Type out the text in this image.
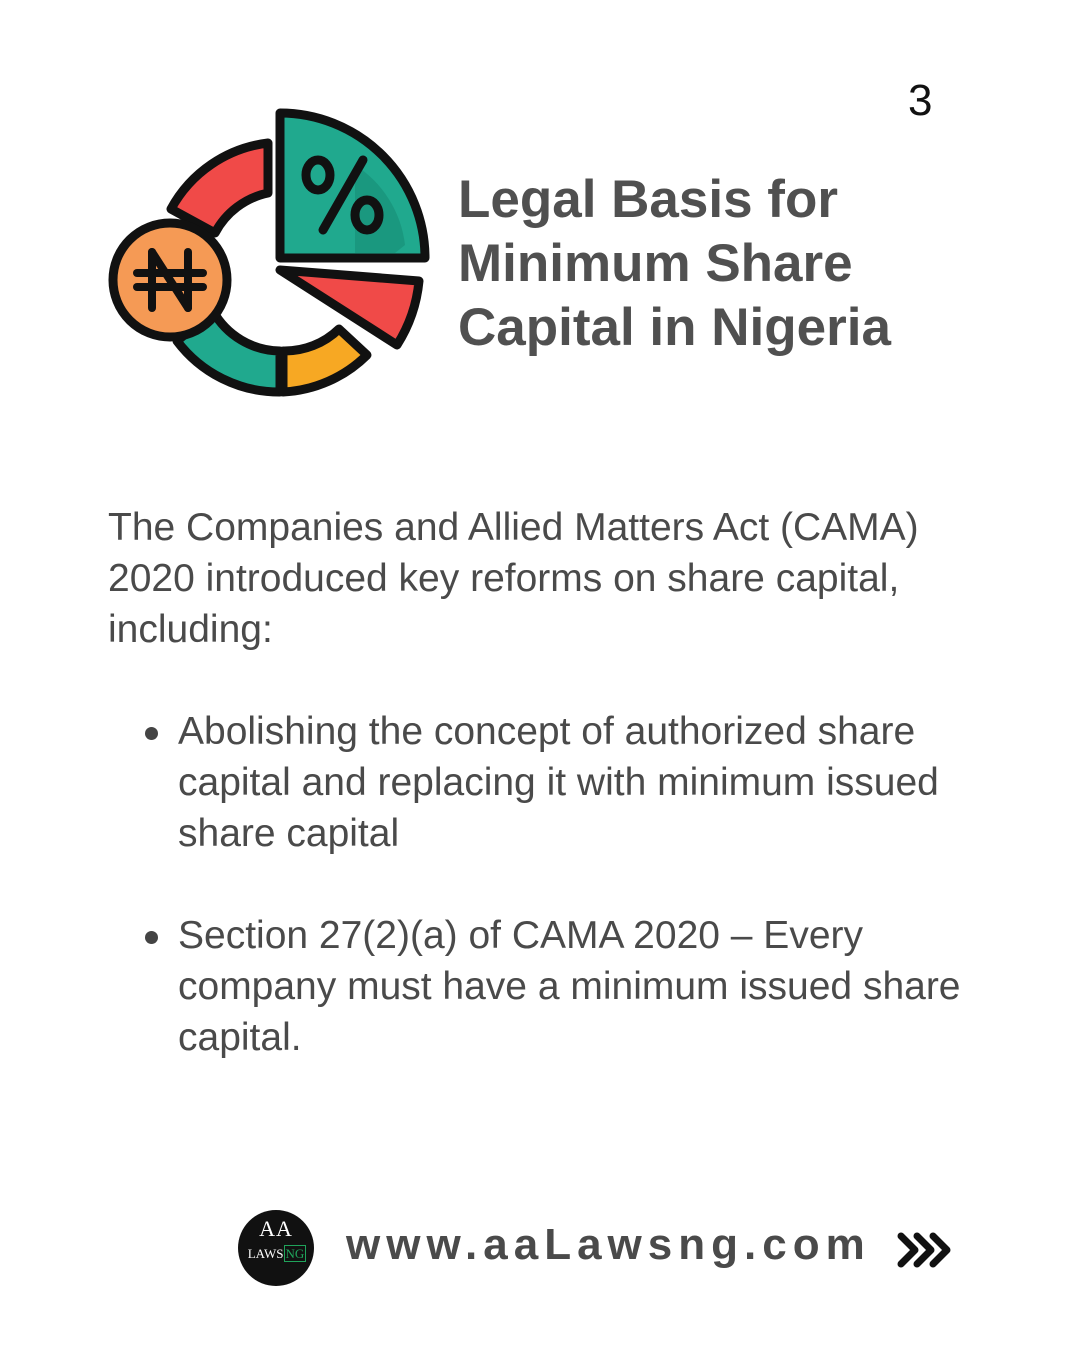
3
Legal Basis for
Minimum Share
Capital in Nigeria

The Companies and Allied Matters Act (CAMA) 2020 introduced key reforms on share capital, including:

Abolishing the concept of authorized share capital and replacing it with minimum issued share capital
Section 27(2)(a) of CAMA 2020 – Every company must have a minimum issued share capital.
AA
LAWS NG www.aaLawsng.com
